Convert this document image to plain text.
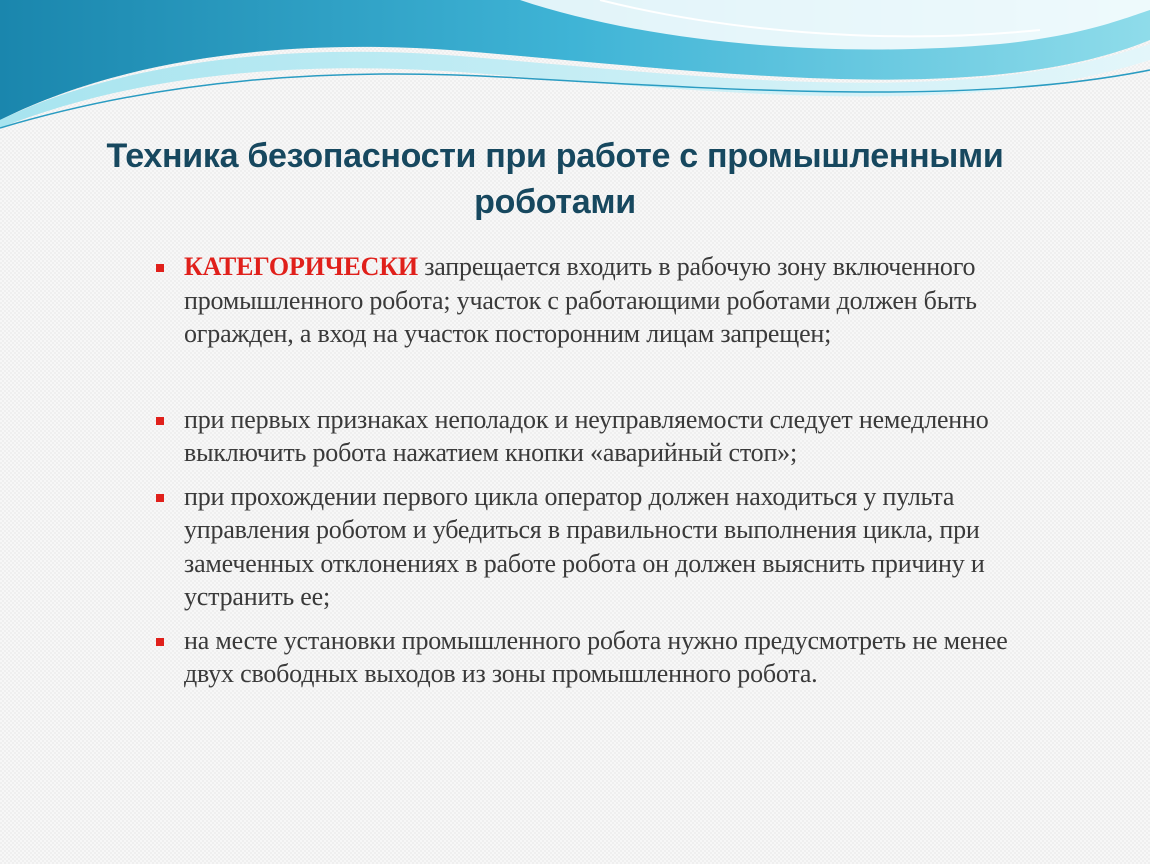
Техника безопасности при работе с промышленными роботами
КАТЕГОРИЧЕСКИ запрещается входить в рабочую зону включенного промышленного робота; участок с работающими роботами должен быть огражден, а вход на участок посторонним лицам запрещен;
при первых признаках неполадок и неуправляемости следует немедленно выключить робота нажатием кнопки «аварийный стоп»;
при прохождении первого цикла оператор должен находиться у пульта управления роботом и убедиться в правильности выполнения цикла, при замеченных отклонениях в работе робота он должен выяснить причину и устранить ее;
на месте установки промышленного робота нужно предусмотреть не менее двух свободных выходов из зоны промышленного робота.
